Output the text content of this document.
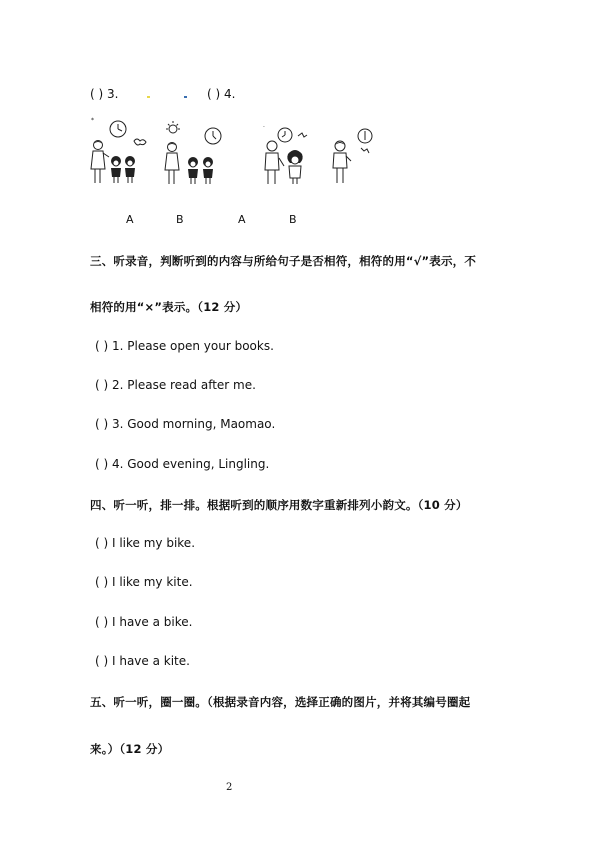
( ) 3.	( ) 4.
*
·
A	B	A	B
三、听录音，判断听到的内容与所给句子是否相符，相符的用“√”表示，不
相符的用“×”表示。（12 分）
( ) 1. Please open your books.
( ) 2. Please read after me.
( ) 3. Good morning, Maomao.
( ) 4. Good evening, Lingling.
四、听一听，排一排。根据听到的顺序用数字重新排列小韵文。（10 分）
( ) I like my bike.
( ) I like my kite.
( ) I have a bike.
( ) I have a kite.
五、听一听，圈一圈。（根据录音内容，选择正确的图片，并将其编号圈起
来。）（12 分）
2
